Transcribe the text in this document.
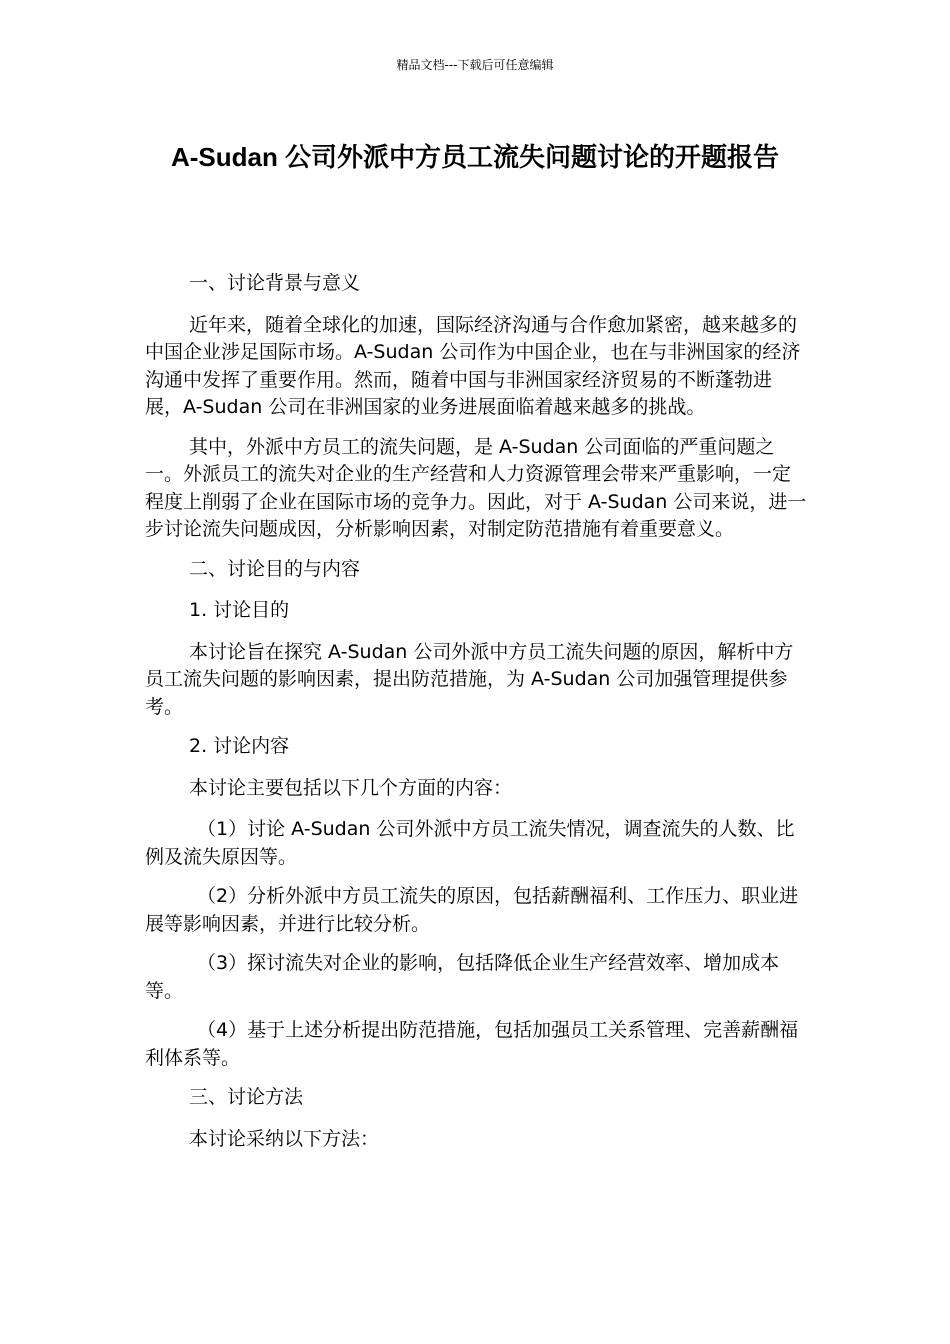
精品文档---下载后可任意编辑
A-Sudan 公司外派中方员工流失问题讨论的开题报告

一、讨论背景与意义

近年来，随着全球化的加速，国际经济沟通与合作愈加紧密，越来越多的中国企业涉足国际市场。A-Sudan 公司作为中国企业，也在与非洲国家的经济沟通中发挥了重要作用。然而，随着中国与非洲国家经济贸易的不断蓬勃进展，A-Sudan 公司在非洲国家的业务进展面临着越来越多的挑战。

其中，外派中方员工的流失问题，是 A-Sudan 公司面临的严重问题之一。外派员工的流失对企业的生产经营和人力资源管理会带来严重影响，一定程度上削弱了企业在国际市场的竞争力。因此，对于 A-Sudan 公司来说，进一步讨论流失问题成因，分析影响因素，对制定防范措施有着重要意义。

二、讨论目的与内容

1. 讨论目的

本讨论旨在探究 A-Sudan 公司外派中方员工流失问题的原因，解析中方员工流失问题的影响因素，提出防范措施，为 A-Sudan 公司加强管理提供参考。

2. 讨论内容

本讨论主要包括以下几个方面的内容：

（1）讨论 A-Sudan 公司外派中方员工流失情况，调查流失的人数、比例及流失原因等。

（2）分析外派中方员工流失的原因，包括薪酬福利、工作压力、职业进展等影响因素，并进行比较分析。

（3）探讨流失对企业的影响，包括降低企业生产经营效率、增加成本等。

（4）基于上述分析提出防范措施，包括加强员工关系管理、完善薪酬福利体系等。

三、讨论方法

本讨论采纳以下方法：
